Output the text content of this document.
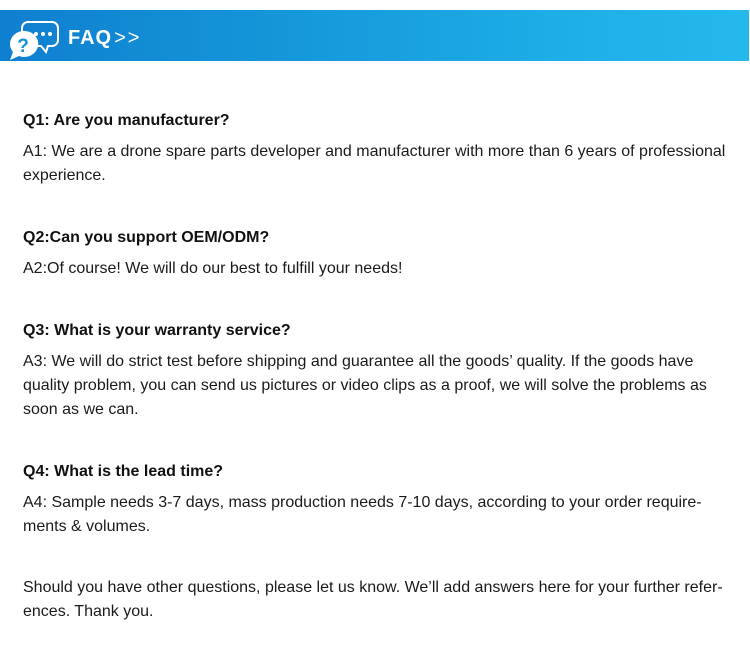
? FAQ >>

Q1: Are you manufacturer?

A1: We are a drone spare parts developer and manufacturer with more than 6 years of professional experience.

Q2:Can you support OEM/ODM?

A2:Of course! We will do our best to fulfill your needs!

Q3: What is your warranty service?

A3: We will do strict test before shipping and guarantee all the goods’ quality. If the goods have quality problem, you can send us pictures or video clips as a proof, we will solve the problems as soon as we can.

Q4: What is the lead time?

A4: Sample needs 3-7 days, mass production needs 7-10 days, according to your order require-ments & volumes.

Should you have other questions, please let us know. We’ll add answers here for your further refer-ences. Thank you.
